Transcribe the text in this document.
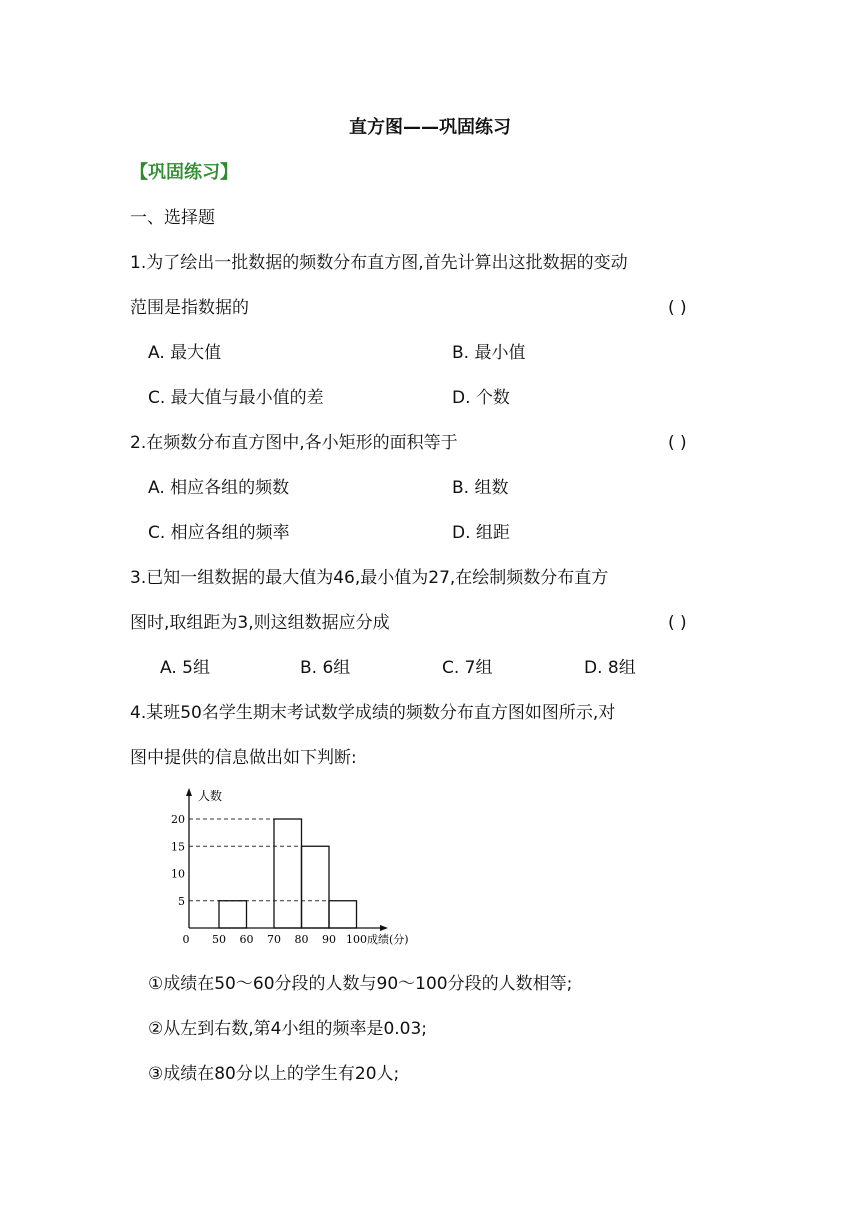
直方图——巩固练习
【巩固练习】
一、选择题
1.为了绘出一批数据的频数分布直方图,首先计算出这批数据的变动
范围是指数据的	( )
A. 最大值	B. 最小值
C. 最大值与最小值的差	D. 个数
2.在频数分布直方图中,各小矩形的面积等于	( )
A. 相应各组的频数	B. 组数
C. 相应各组的频率	D. 组距
3.已知一组数据的最大值为46,最小值为27,在绘制频数分布直方
图时,取组距为3,则这组数据应分成	( )
A. 5组	B. 6组	C. 7组	D. 8组
4.某班50名学生期末考试数学成绩的频数分布直方图如图所示,对
图中提供的信息做出如下判断:
5
10
15
20
0 50 60 70 80 90 100
人数
成绩(分)
①成绩在50～60分段的人数与90～100分段的人数相等;
②从左到右数,第4小组的频率是0.03;
③成绩在80分以上的学生有20人;
